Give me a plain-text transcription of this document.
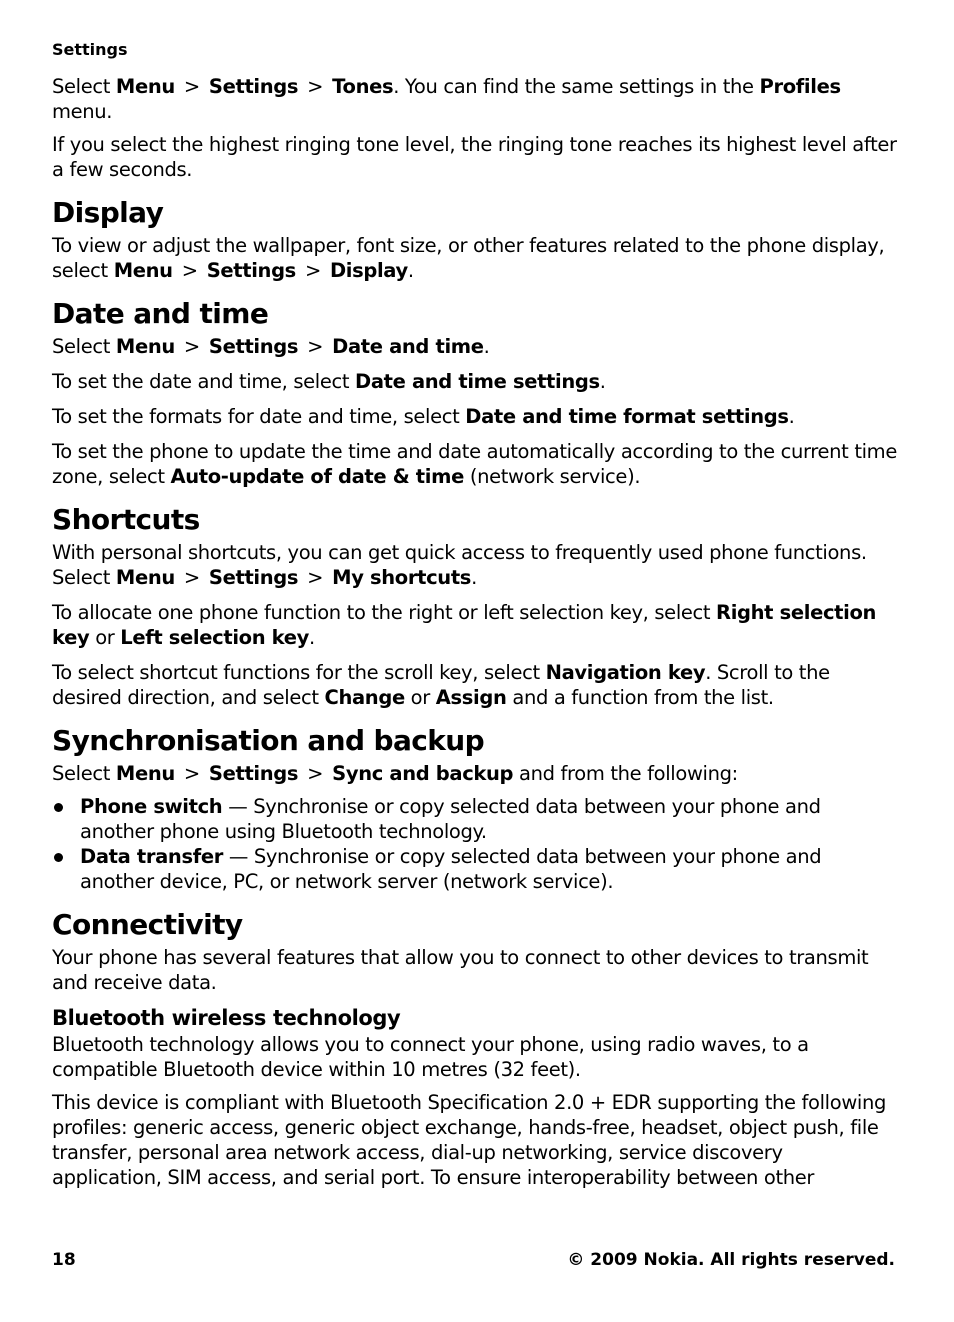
Settings

Select Menu > Settings > Tones. You can find the same settings in the Profiles menu.

If you select the highest ringing tone level, the ringing tone reaches its highest level after a few seconds.

Display

To view or adjust the wallpaper, font size, or other features related to the phone display, select Menu > Settings > Display.

Date and time

Select Menu > Settings > Date and time.

To set the date and time, select Date and time settings.

To set the formats for date and time, select Date and time format settings.

To set the phone to update the time and date automatically according to the current time zone, select Auto-update of date & time (network service).

Shortcuts

With personal shortcuts, you can get quick access to frequently used phone functions. Select Menu > Settings > My shortcuts.

To allocate one phone function to the right or left selection key, select Right selection key or Left selection key.

To select shortcut functions for the scroll key, select Navigation key. Scroll to the desired direction, and select Change or Assign and a function from the list.

Synchronisation and backup

Select Menu > Settings > Sync and backup and from the following:

Phone switch — Synchronise or copy selected data between your phone and another phone using Bluetooth technology.
Data transfer — Synchronise or copy selected data between your phone and another device, PC, or network server (network service).
Connectivity

Your phone has several features that allow you to connect to other devices to transmit and receive data.

Bluetooth wireless technology

Bluetooth technology allows you to connect your phone, using radio waves, to a compatible Bluetooth device within 10 metres (32 feet).

This device is compliant with Bluetooth Specification 2.0 + EDR supporting the following profiles: generic access, generic object exchange, hands-free, headset, object push, file transfer, personal area network access, dial-up networking, service discovery application, SIM access, and serial port. To ensure interoperability between other

18	© 2009 Nokia. All rights reserved.
